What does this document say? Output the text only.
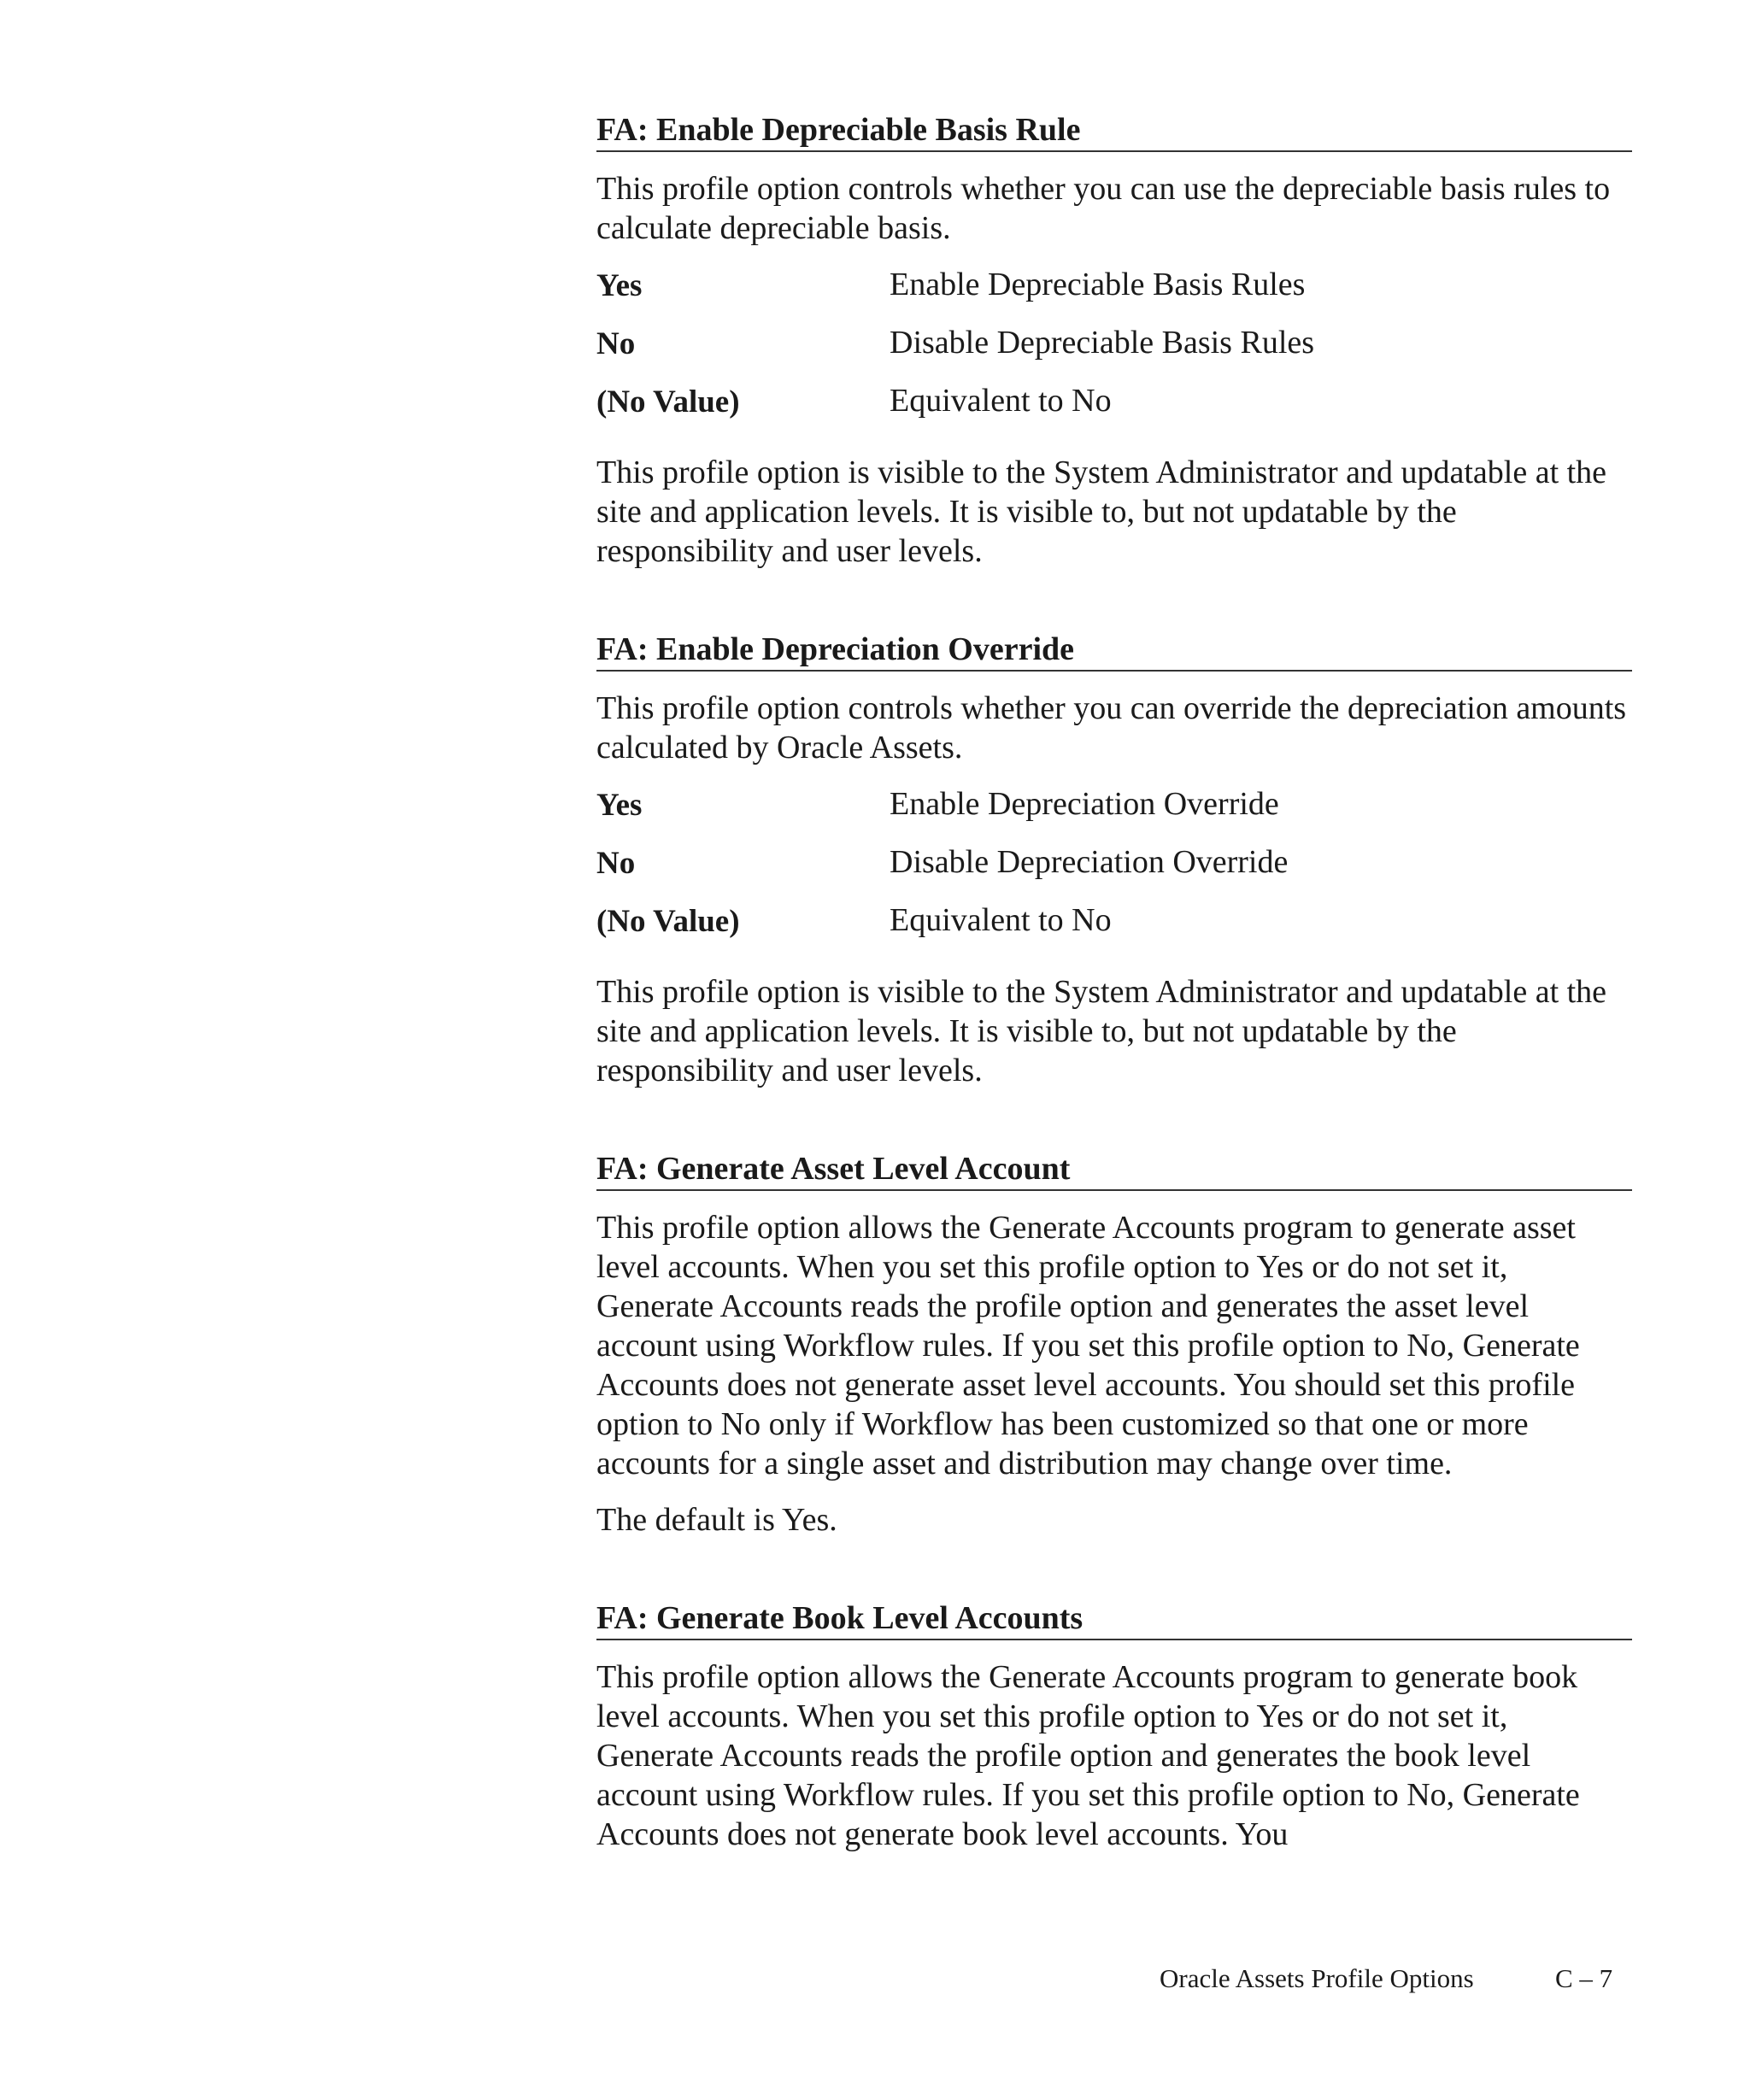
FA: Enable Depreciable Basis Rule

This profile option controls whether you can use the depreciable basis rules to calculate depreciable basis.

Yes	Enable Depreciable Basis Rules
No	Disable Depreciable Basis Rules
(No Value)	Equivalent to No

This profile option is visible to the System Administrator and updatable at the site and application levels. It is visible to, but not updatable by the responsibility and user levels.

FA: Enable Depreciation Override

This profile option controls whether you can override the depreciation amounts calculated by Oracle Assets.

Yes	Enable Depreciation Override
No	Disable Depreciation Override
(No Value)	Equivalent to No

This profile option is visible to the System Administrator and updatable at the site and application levels. It is visible to, but not updatable by the responsibility and user levels.

FA: Generate Asset Level Account

This profile option allows the Generate Accounts program to generate asset level accounts. When you set this profile option to Yes or do not set it, Generate Accounts reads the profile option and generates the asset level account using Workflow rules. If you set this profile option to No, Generate Accounts does not generate asset level accounts. You should set this profile option to No only if Workflow has been customized so that one or more accounts for a single asset and distribution may change over time.

The default is Yes.

FA: Generate Book Level Accounts

This profile option allows the Generate Accounts program to generate book level accounts. When you set this profile option to Yes or do not set it, Generate Accounts reads the profile option and generates the book level account using Workflow rules. If you set this profile option to No, Generate Accounts does not generate book level accounts. You

Oracle Assets Profile Options	C – 7
